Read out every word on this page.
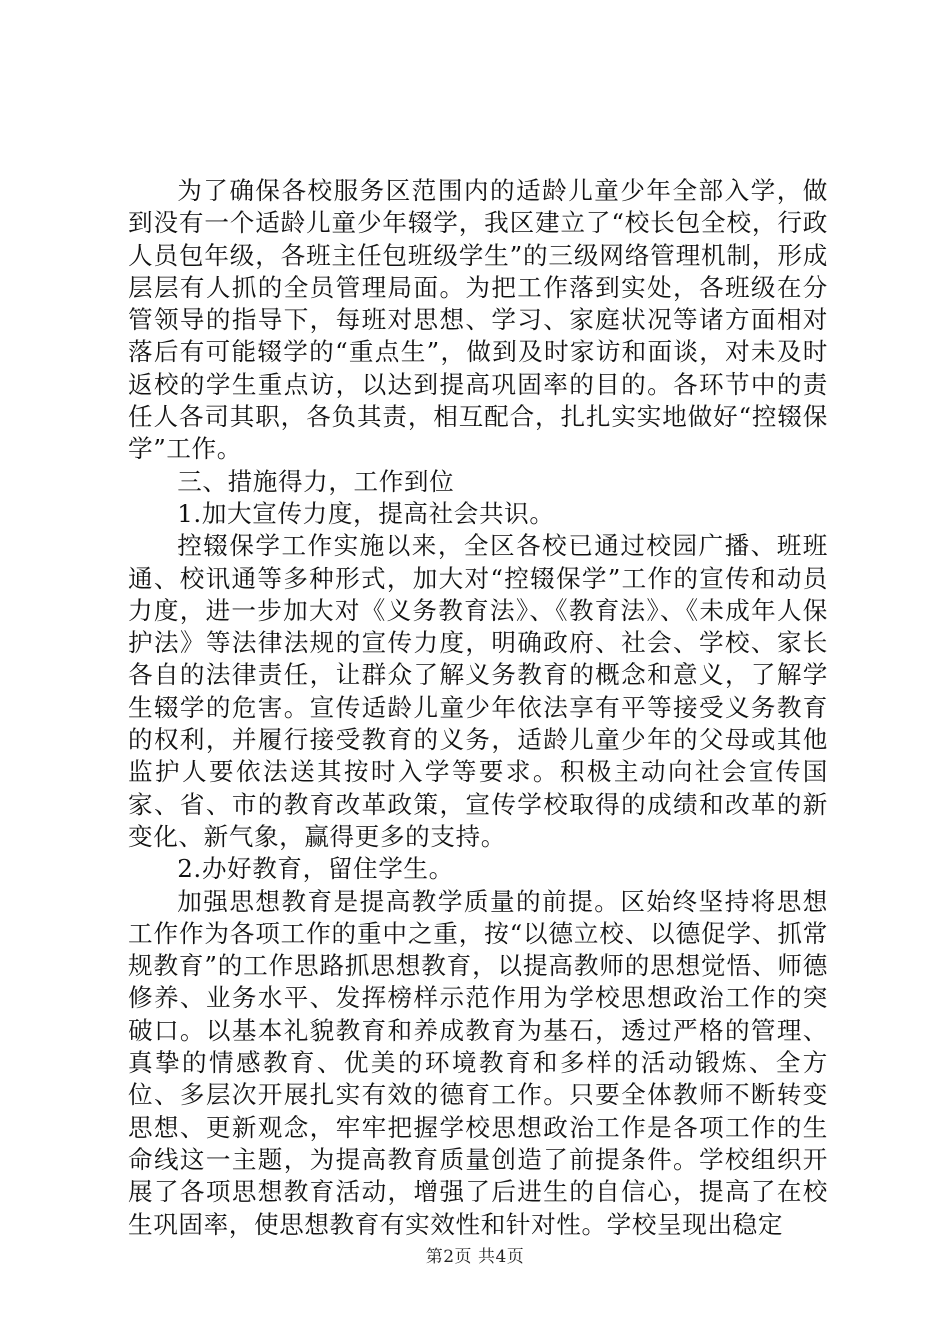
为了确保各校服务区范围内的适龄儿童少年全部入学，做到没有一个适龄儿童少年辍学，我区建立了“校长包全校，行政人员包年级，各班主任包班级学生”的三级网络管理机制，形成层层有人抓的全员管理局面。为把工作落到实处，各班级在分管领导的指导下，每班对思想、学习、家庭状况等诸方面相对落后有可能辍学的“重点生”，做到及时家访和面谈，对未及时返校的学生重点访，以达到提高巩固率的目的。各环节中的责任人各司其职，各负其责，相互配合，扎扎实实地做好“控辍保学”工作。

三、措施得力，工作到位

1.加大宣传力度，提高社会共识。

控辍保学工作实施以来，全区各校已通过校园广播、班班通、校讯通等多种形式，加大对“控辍保学”工作的宣传和动员力度，进一步加大对《义务教育法》、《教育法》、《未成年人保护法》等法律法规的宣传力度，明确政府、社会、学校、家长各自的法律责任，让群众了解义务教育的概念和意义，了解学生辍学的危害。宣传适龄儿童少年依法享有平等接受义务教育的权利，并履行接受教育的义务，适龄儿童少年的父母或其他监护人要依法送其按时入学等要求。积极主动向社会宣传国家、省、市的教育改革政策，宣传学校取得的成绩和改革的新变化、新气象，赢得更多的支持。

2.办好教育，留住学生。

加强思想教育是提高教学质量的前提。区始终坚持将思想工作作为各项工作的重中之重，按“以德立校、以德促学、抓常规教育”的工作思路抓思想教育，以提高教师的思想觉悟、师德修养、业务水平、发挥榜样示范作用为学校思想政治工作的突破口。以基本礼貌教育和养成教育为基石，透过严格的管理、真挚的情感教育、优美的环境教育和多样的活动锻炼、全方位、多层次开展扎实有效的德育工作。只要全体教师不断转变思想、更新观念，牢牢把握学校思想政治工作是各项工作的生命线这一主题，为提高教育质量创造了前提条件。学校组织开展了各项思想教育活动，增强了后进生的自信心，提高了在校生巩固率，使思想教育有实效性和针对性。学校呈现出稳定

第2页 共4页
